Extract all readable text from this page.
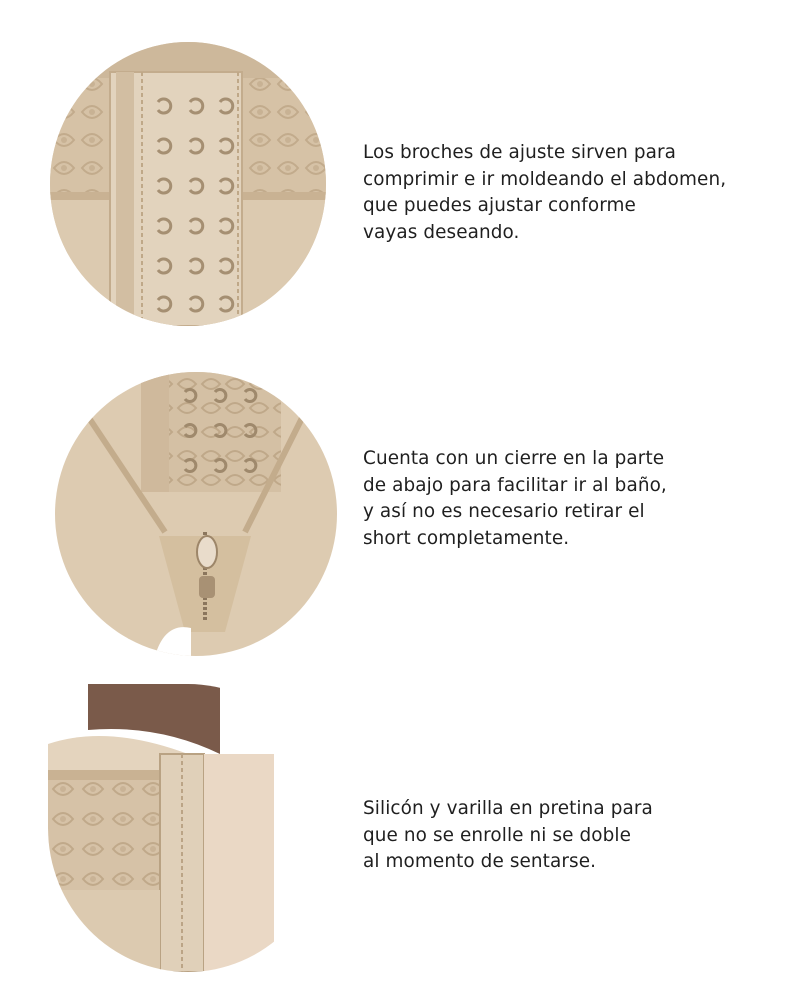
Los broches de ajuste sirven para
comprimir e ir moldeando el abdomen,
que puedes ajustar conforme
vayas deseando.

Cuenta con un cierre en la parte
de abajo para facilitar ir al baño,
y así no es necesario retirar el
short completamente.

Silicón y varilla en pretina para
que no se enrolle ni se doble
al momento de sentarse.
